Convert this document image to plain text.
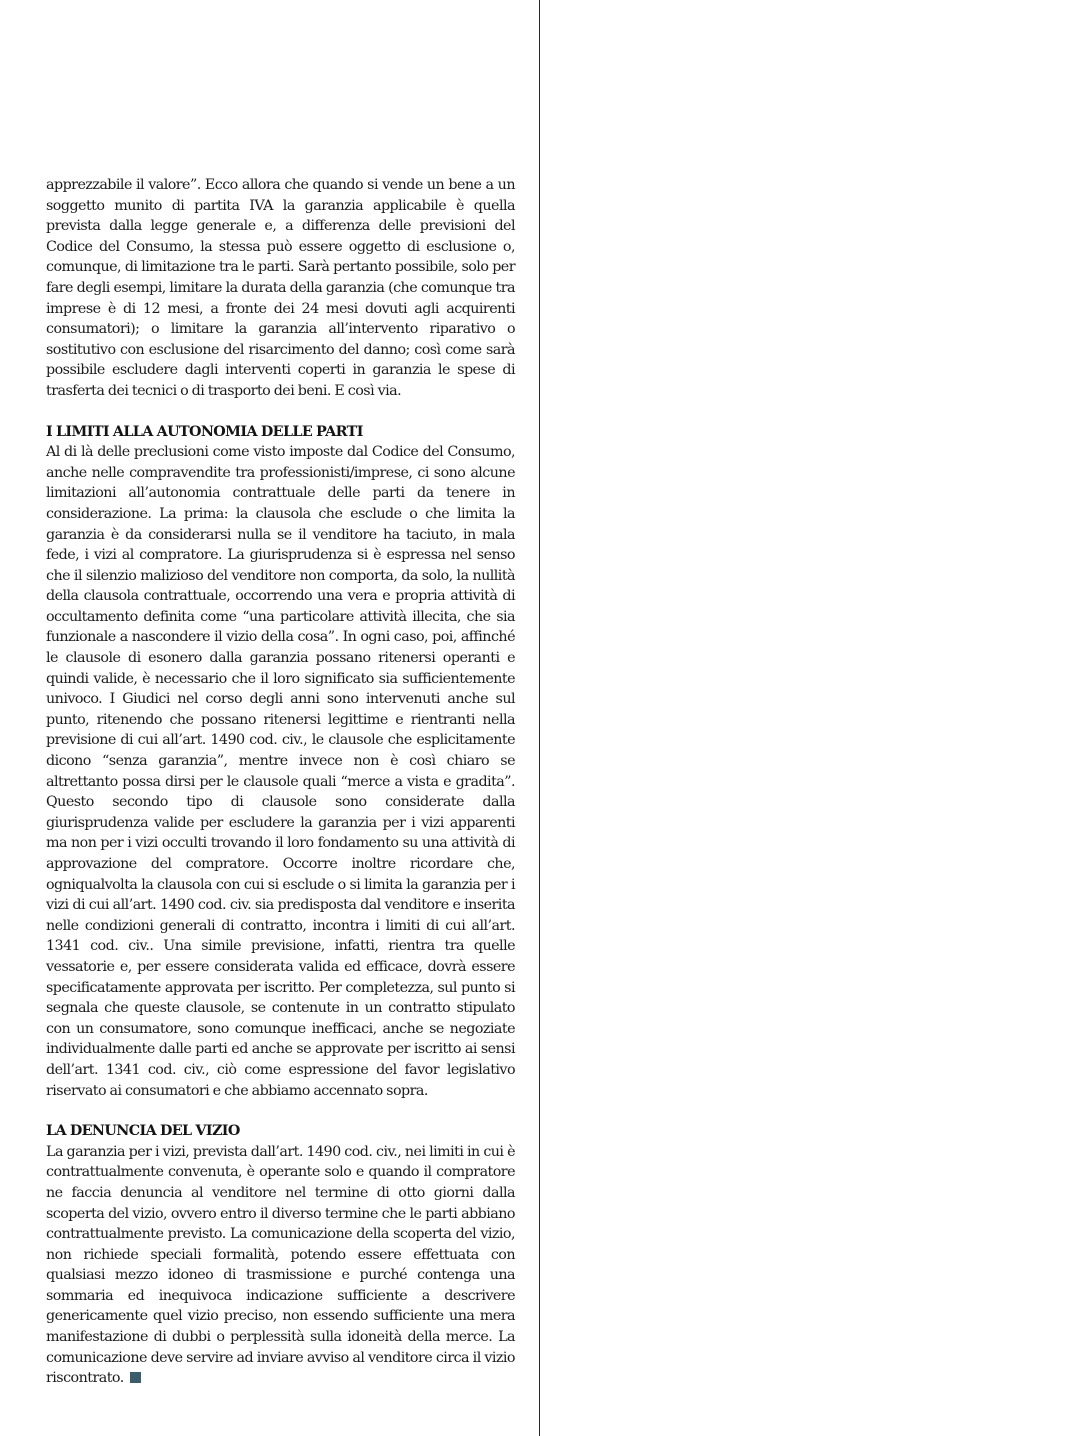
apprezzabile il valore”. Ecco allora che quando si vende un bene a un soggetto munito di partita IVA la garanzia applicabile è quella prevista dalla legge generale e, a differenza delle previsioni del Codice del Consumo, la stessa può essere oggetto di esclusione o, comunque, di limitazione tra le parti. Sarà pertanto possibile, solo per fare degli esempi, limitare la durata della garanzia (che comunque tra imprese è di 12 mesi, a fronte dei 24 mesi dovuti agli acquirenti consumatori); o limitare la garanzia all’intervento riparativo o sostitutivo con esclusione del risarcimento del danno; così come sarà possibile escludere dagli interventi coperti in garanzia le spese di trasferta dei tecnici o di trasporto dei beni. E così via.

I LIMITI ALLA AUTONOMIA DELLE PARTI

Al di là delle preclusioni come visto imposte dal Codice del Consumo, anche nelle compravendite tra professionisti/imprese, ci sono alcune limitazioni all’autonomia contrattuale delle parti da tenere in considerazione. La prima: la clausola che esclude o che limita la garanzia è da considerarsi nulla se il venditore ha taciuto, in mala fede, i vizi al compratore. La giurisprudenza si è espressa nel senso che il silenzio malizioso del venditore non comporta, da solo, la nullità della clausola contrattuale, occorrendo una vera e propria attività di occultamento definita come “una particolare attività illecita, che sia funzionale a nascondere il vizio della cosa”. In ogni caso, poi, affinché le clausole di esonero dalla garanzia possano ritenersi operanti e quindi valide, è necessario che il loro significato sia sufficientemente univoco. I Giudici nel corso degli anni sono intervenuti anche sul punto, ritenendo che possano ritenersi legittime e rientranti nella previsione di cui all’art. 1490 cod. civ., le clausole che esplicitamente dicono “senza garanzia”, mentre invece non è così chiaro se altrettanto possa dirsi per le clausole quali “merce a vista e gradita”. Questo secondo tipo di clausole sono considerate dalla giurisprudenza valide per escludere la garanzia per i vizi apparenti ma non per i vizi occulti trovando il loro fondamento su una attività di approvazione del compratore. Occorre inoltre ricordare che, ogniqualvolta la clausola con cui si esclude o si limita la garanzia per i vizi di cui all’art. 1490 cod. civ. sia predisposta dal venditore e inserita nelle condizioni generali di contratto, incontra i limiti di cui all’art. 1341 cod. civ.. Una simile previsione, infatti, rientra tra quelle vessatorie e, per essere considerata valida ed efficace, dovrà essere specificatamente approvata per iscritto. Per completezza, sul punto si segnala che queste clausole, se contenute in un contratto stipulato con un consumatore, sono comunque inefficaci, anche se negoziate individualmente dalle parti ed anche se approvate per iscritto ai sensi dell’art. 1341 cod. civ., ciò come espressione del favor legislativo riservato ai consumatori e che abbiamo accennato sopra.

LA DENUNCIA DEL VIZIO

La garanzia per i vizi, prevista dall’art. 1490 cod. civ., nei limiti in cui è contrattualmente convenuta, è operante solo e quando il compratore ne faccia denuncia al venditore nel termine di otto giorni dalla scoperta del vizio, ovvero entro il diverso termine che le parti abbiano contrattualmente previsto. La comunicazione della scoperta del vizio, non richiede speciali formalità, potendo essere effettuata con qualsiasi mezzo idoneo di trasmissione e purché contenga una sommaria ed inequivoca indicazione sufficiente a descrivere genericamente quel vizio preciso, non essendo sufficiente una mera manifestazione di dubbi o perplessità sulla idoneità della merce. La comunicazione deve servire ad inviare avviso al venditore circa il vizio riscontrato.
